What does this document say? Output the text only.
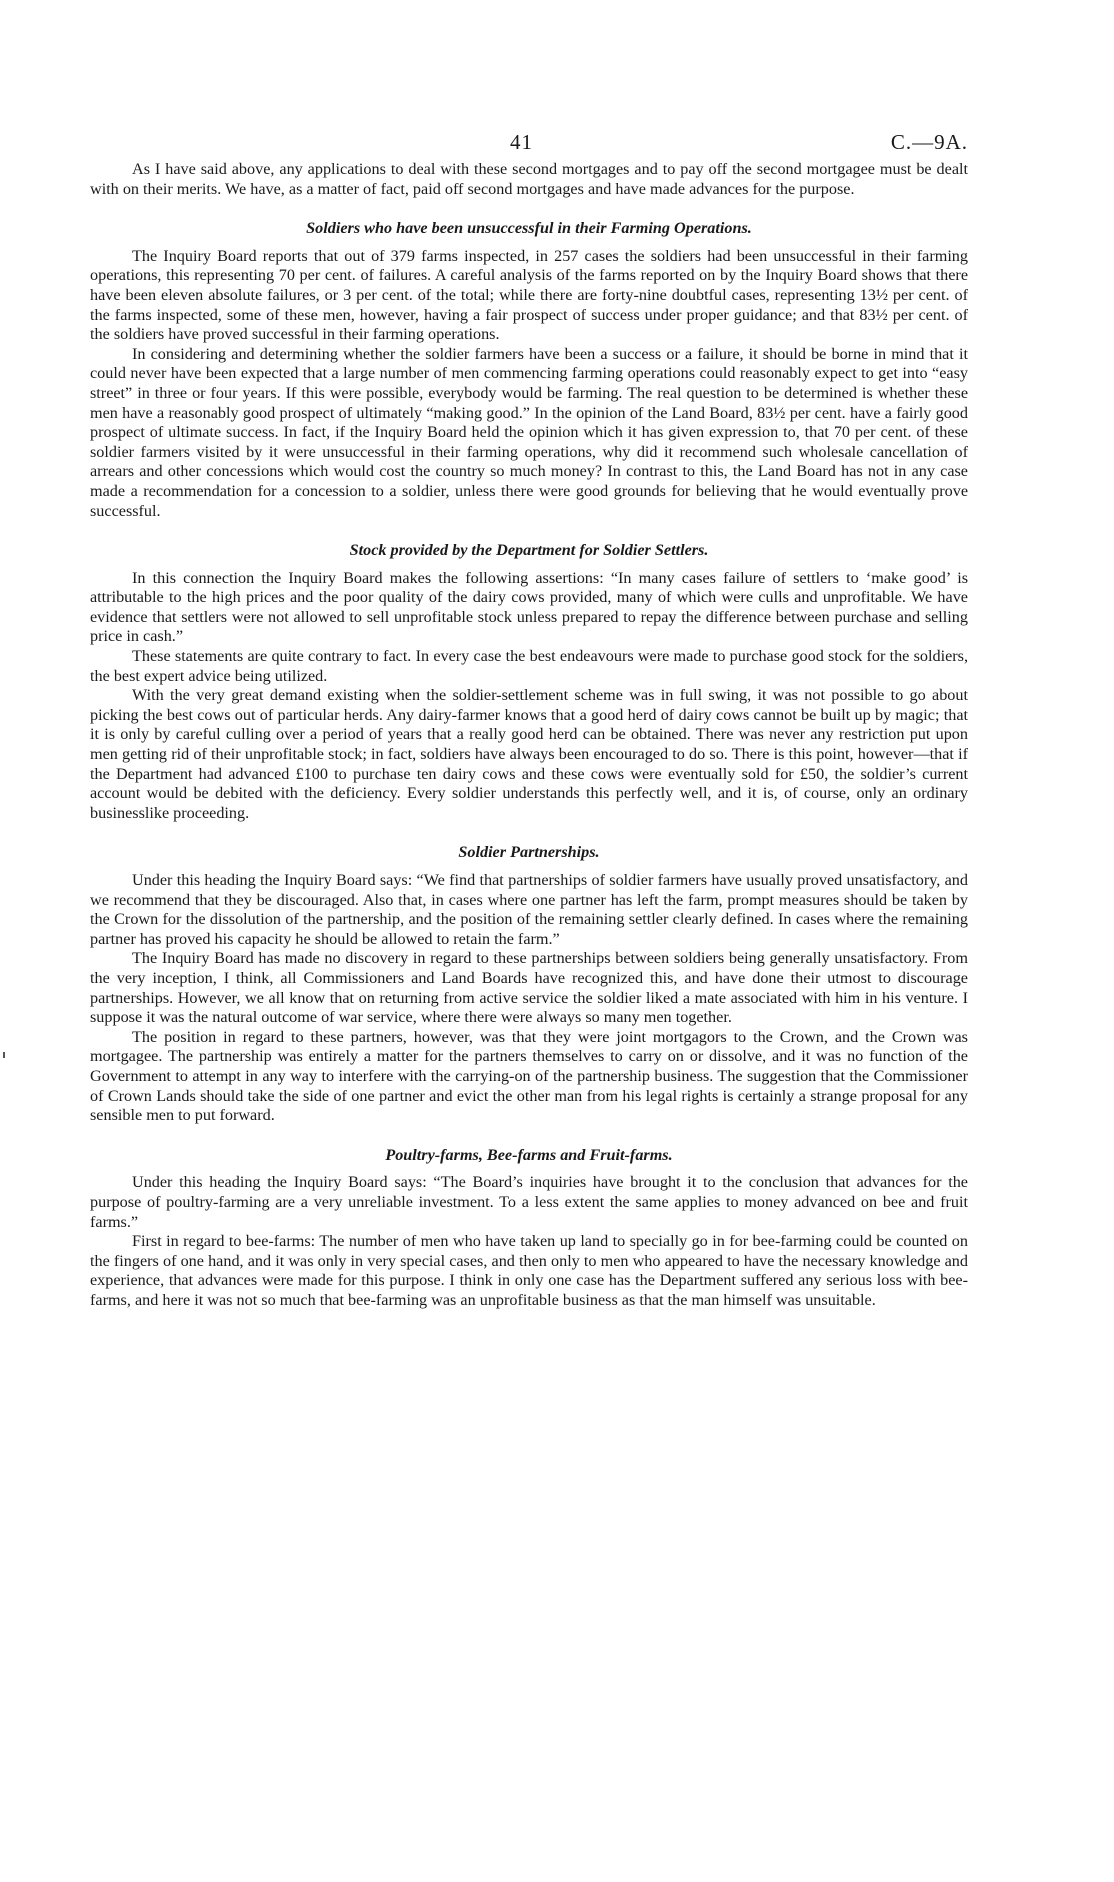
41	C.—9A.

As I have said above, any applications to deal with these second mortgages and to pay off the second mortgagee must be dealt with on their merits. We have, as a matter of fact, paid off second mortgages and have made advances for the purpose.

Soldiers who have been unsuccessful in their Farming Operations.

The Inquiry Board reports that out of 379 farms inspected, in 257 cases the soldiers had been unsuccessful in their farming operations, this representing 70 per cent. of failures. A careful analysis of the farms reported on by the Inquiry Board shows that there have been eleven absolute failures, or 3 per cent. of the total; while there are forty-nine doubtful cases, representing 13½ per cent. of the farms inspected, some of these men, however, having a fair prospect of success under proper guidance; and that 83½ per cent. of the soldiers have proved successful in their farming operations.

In considering and determining whether the soldier farmers have been a success or a failure, it should be borne in mind that it could never have been expected that a large number of men commencing farming operations could reasonably expect to get into “easy street” in three or four years. If this were possible, everybody would be farming. The real question to be determined is whether these men have a reasonably good prospect of ultimately “making good.” In the opinion of the Land Board, 83½ per cent. have a fairly good prospect of ultimate success. In fact, if the Inquiry Board held the opinion which it has given expression to, that 70 per cent. of these soldier farmers visited by it were unsuccessful in their farming operations, why did it recommend such wholesale cancellation of arrears and other concessions which would cost the country so much money? In contrast to this, the Land Board has not in any case made a recommendation for a concession to a soldier, unless there were good grounds for believing that he would eventually prove successful.

Stock provided by the Department for Soldier Settlers.

In this connection the Inquiry Board makes the following assertions: “In many cases failure of settlers to ‘make good’ is attributable to the high prices and the poor quality of the dairy cows provided, many of which were culls and unprofitable. We have evidence that settlers were not allowed to sell unprofitable stock unless prepared to repay the difference between purchase and selling price in cash.”

These statements are quite contrary to fact. In every case the best endeavours were made to purchase good stock for the soldiers, the best expert advice being utilized.

With the very great demand existing when the soldier-settlement scheme was in full swing, it was not possible to go about picking the best cows out of particular herds. Any dairy-farmer knows that a good herd of dairy cows cannot be built up by magic; that it is only by careful culling over a period of years that a really good herd can be obtained. There was never any restriction put upon men getting rid of their unprofitable stock; in fact, soldiers have always been encouraged to do so. There is this point, however—that if the Department had advanced £100 to purchase ten dairy cows and these cows were eventually sold for £50, the soldier’s current account would be debited with the deficiency. Every soldier understands this perfectly well, and it is, of course, only an ordinary businesslike proceeding.

Soldier Partnerships.

Under this heading the Inquiry Board says: “We find that partnerships of soldier farmers have usually proved unsatisfactory, and we recommend that they be discouraged. Also that, in cases where one partner has left the farm, prompt measures should be taken by the Crown for the dissolution of the partnership, and the position of the remaining settler clearly defined. In cases where the remaining partner has proved his capacity he should be allowed to retain the farm.”

The Inquiry Board has made no discovery in regard to these partnerships between soldiers being generally unsatisfactory. From the very inception, I think, all Commissioners and Land Boards have recognized this, and have done their utmost to discourage partnerships. However, we all know that on returning from active service the soldier liked a mate associated with him in his venture. I suppose it was the natural outcome of war service, where there were always so many men together.

The position in regard to these partners, however, was that they were joint mortgagors to the Crown, and the Crown was mortgagee. The partnership was entirely a matter for the partners themselves to carry on or dissolve, and it was no function of the Government to attempt in any way to interfere with the carrying-on of the partnership business. The suggestion that the Commissioner of Crown Lands should take the side of one partner and evict the other man from his legal rights is certainly a strange proposal for any sensible men to put forward.

Poultry-farms, Bee-farms and Fruit-farms.

Under this heading the Inquiry Board says: “The Board’s inquiries have brought it to the conclusion that advances for the purpose of poultry-farming are a very unreliable investment. To a less extent the same applies to money advanced on bee and fruit farms.”

First in regard to bee-farms: The number of men who have taken up land to specially go in for bee-farming could be counted on the fingers of one hand, and it was only in very special cases, and then only to men who appeared to have the necessary knowledge and experience, that advances were made for this purpose. I think in only one case has the Department suffered any serious loss with bee-farms, and here it was not so much that bee-farming was an unprofitable business as that the man himself was unsuitable.
